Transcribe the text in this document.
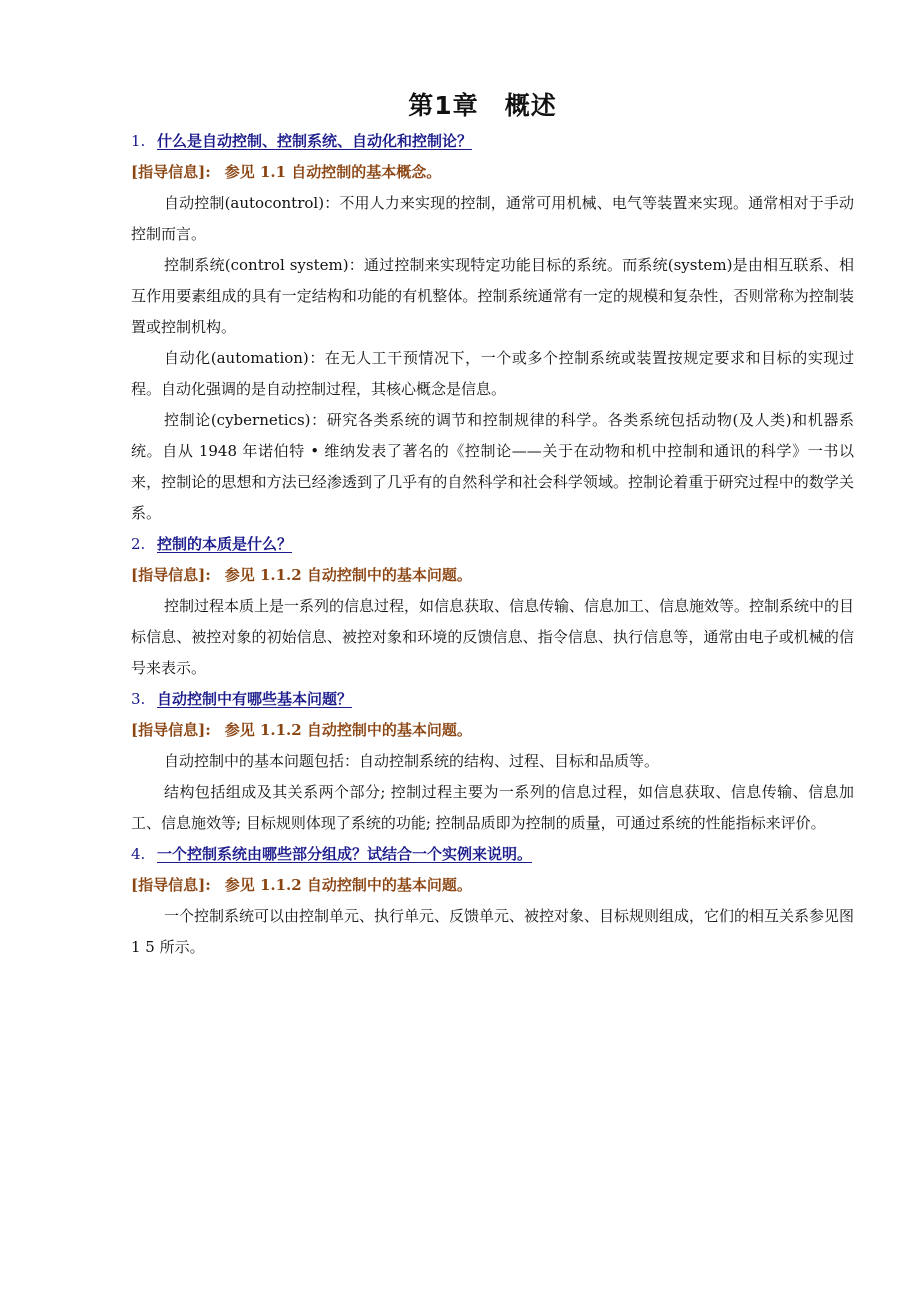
第1章 概述

1. 什么是自动控制、控制系统、自动化和控制论？

[指导信息]: 参见 1.1 自动控制的基本概念。

自动控制(autocontrol)：不用人力来实现的控制，通常可用机械、电气等装置来实现。通常相对于手动控制而言。

控制系统(control system)：通过控制来实现特定功能目标的系统。而系统(system)是由相互联系、相互作用要素组成的具有一定结构和功能的有机整体。控制系统通常有一定的规模和复杂性，否则常称为控制装置或控制机构。

自动化(automation)：在无人工干预情况下，一个或多个控制系统或装置按规定要求和目标的实现过程。自动化强调的是自动控制过程，其核心概念是信息。

控制论(cybernetics)：研究各类系统的调节和控制规律的科学。各类系统包括动物(及人类)和机器系统。自从 1948 年诺伯特 • 维纳发表了著名的《控制论——关于在动物和机中控制和通讯的科学》一书以来，控制论的思想和方法已经渗透到了几乎有的自然科学和社会科学领域。控制论着重于研究过程中的数学关系。

2. 控制的本质是什么？

[指导信息]: 参见 1.1.2 自动控制中的基本问题。

控制过程本质上是一系列的信息过程，如信息获取、信息传输、信息加工、信息施效等。控制系统中的目标信息、被控对象的初始信息、被控对象和环境的反馈信息、指令信息、执行信息等，通常由电子或机械的信号来表示。

3. 自动控制中有哪些基本问题？

[指导信息]: 参见 1.1.2 自动控制中的基本问题。

自动控制中的基本问题包括：自动控制系统的结构、过程、目标和品质等。

结构包括组成及其关系两个部分; 控制过程主要为一系列的信息过程，如信息获取、信息传输、信息加工、信息施效等; 目标规则体现了系统的功能; 控制品质即为控制的质量，可通过系统的性能指标来评价。

4. 一个控制系统由哪些部分组成？试结合一个实例来说明。

[指导信息]: 参见 1.1.2 自动控制中的基本问题。

一个控制系统可以由控制单元、执行单元、反馈单元、被控对象、目标规则组成，它们的相互关系参见图 1 5 所示。
